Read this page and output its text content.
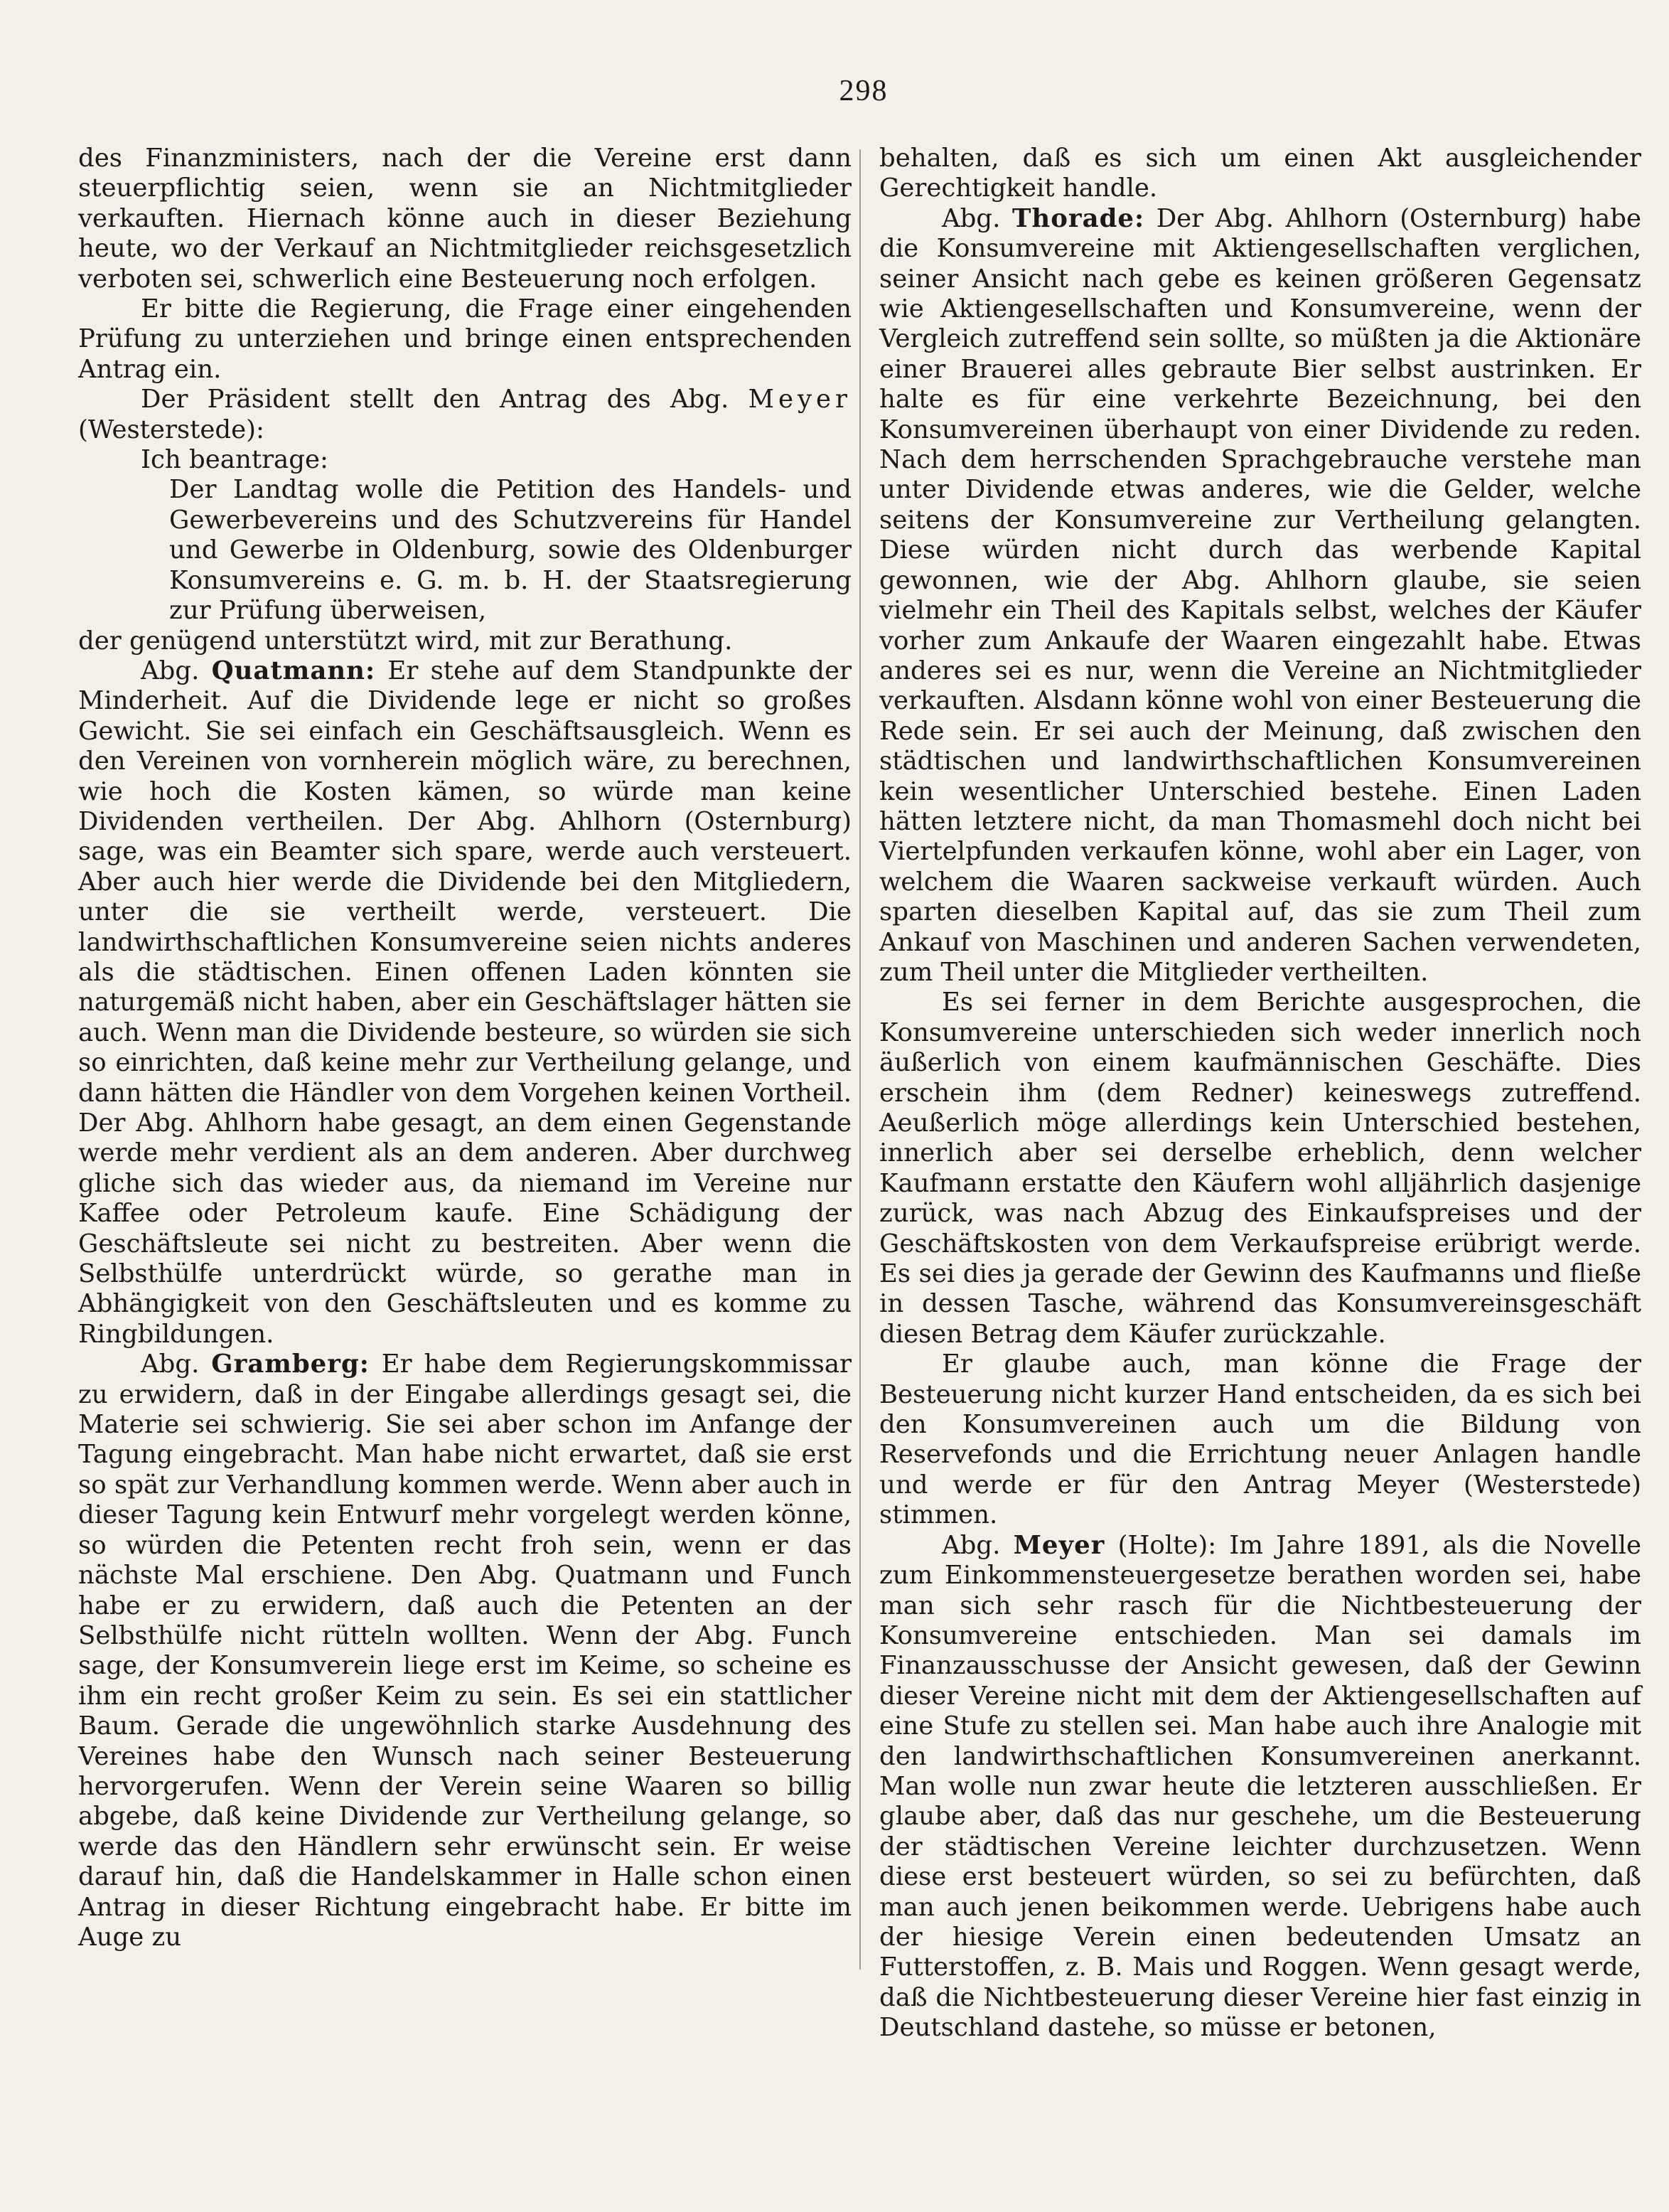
298

des Finanzministers, nach der die Vereine erst dann steuerpflichtig seien, wenn sie an Nichtmitglieder verkauften. Hiernach könne auch in dieser Beziehung heute, wo der Verkauf an Nichtmitglieder reichsgesetzlich verboten sei, schwerlich eine Besteuerung noch erfolgen.

Er bitte die Regierung, die Frage einer eingehenden Prüfung zu unterziehen und bringe einen entsprechenden Antrag ein.

Der Präsident stellt den Antrag des Abg. Meyer (Westerstede):

Ich beantrage:

Der Landtag wolle die Petition des Handels- und Gewerbevereins und des Schutzvereins für Handel und Gewerbe in Oldenburg, sowie des Oldenburger Konsumvereins e. G. m. b. H. der Staatsregierung zur Prüfung überweisen,

der genügend unterstützt wird, mit zur Berathung.

Abg. Quatmann: Er stehe auf dem Standpunkte der Minderheit. Auf die Dividende lege er nicht so großes Gewicht. Sie sei einfach ein Geschäftsausgleich. Wenn es den Vereinen von vornherein möglich wäre, zu berechnen, wie hoch die Kosten kämen, so würde man keine Dividenden vertheilen. Der Abg. Ahlhorn (Osternburg) sage, was ein Beamter sich spare, werde auch versteuert. Aber auch hier werde die Dividende bei den Mitgliedern, unter die sie vertheilt werde, versteuert. Die landwirthschaftlichen Konsumvereine seien nichts anderes als die städtischen. Einen offenen Laden könnten sie naturgemäß nicht haben, aber ein Geschäftslager hätten sie auch. Wenn man die Dividende besteure, so würden sie sich so einrichten, daß keine mehr zur Vertheilung gelange, und dann hätten die Händler von dem Vorgehen keinen Vortheil. Der Abg. Ahlhorn habe gesagt, an dem einen Gegenstande werde mehr verdient als an dem anderen. Aber durchweg gliche sich das wieder aus, da niemand im Vereine nur Kaffee oder Petroleum kaufe. Eine Schädigung der Geschäftsleute sei nicht zu bestreiten. Aber wenn die Selbsthülfe unterdrückt würde, so gerathe man in Abhängigkeit von den Geschäftsleuten und es komme zu Ringbildungen.

Abg. Gramberg: Er habe dem Regierungskommissar zu erwidern, daß in der Eingabe allerdings gesagt sei, die Materie sei schwierig. Sie sei aber schon im Anfange der Tagung eingebracht. Man habe nicht erwartet, daß sie erst so spät zur Verhandlung kommen werde. Wenn aber auch in dieser Tagung kein Entwurf mehr vorgelegt werden könne, so würden die Petenten recht froh sein, wenn er das nächste Mal erschiene. Den Abg. Quatmann und Funch habe er zu erwidern, daß auch die Petenten an der Selbsthülfe nicht rütteln wollten. Wenn der Abg. Funch sage, der Konsumverein liege erst im Keime, so scheine es ihm ein recht großer Keim zu sein. Es sei ein stattlicher Baum. Gerade die ungewöhnlich starke Ausdehnung des Vereines habe den Wunsch nach seiner Besteuerung hervorgerufen. Wenn der Verein seine Waaren so billig abgebe, daß keine Dividende zur Vertheilung gelange, so werde das den Händlern sehr erwünscht sein. Er weise darauf hin, daß die Handelskammer in Halle schon einen Antrag in dieser Richtung eingebracht habe. Er bitte im Auge zu

behalten, daß es sich um einen Akt ausgleichender Gerechtigkeit handle.

Abg. Thorade: Der Abg. Ahlhorn (Osternburg) habe die Konsumvereine mit Aktiengesellschaften verglichen, seiner Ansicht nach gebe es keinen größeren Gegensatz wie Aktiengesellschaften und Konsumvereine, wenn der Vergleich zutreffend sein sollte, so müßten ja die Aktionäre einer Brauerei alles gebraute Bier selbst austrinken. Er halte es für eine verkehrte Bezeichnung, bei den Konsumvereinen überhaupt von einer Dividende zu reden. Nach dem herrschenden Sprachgebrauche verstehe man unter Dividende etwas anderes, wie die Gelder, welche seitens der Konsumvereine zur Vertheilung gelangten. Diese würden nicht durch das werbende Kapital gewonnen, wie der Abg. Ahlhorn glaube, sie seien vielmehr ein Theil des Kapitals selbst, welches der Käufer vorher zum Ankaufe der Waaren eingezahlt habe. Etwas anderes sei es nur, wenn die Vereine an Nichtmitglieder verkauften. Alsdann könne wohl von einer Besteuerung die Rede sein. Er sei auch der Meinung, daß zwischen den städtischen und landwirthschaftlichen Konsumvereinen kein wesentlicher Unterschied bestehe. Einen Laden hätten letztere nicht, da man Thomasmehl doch nicht bei Viertelpfunden verkaufen könne, wohl aber ein Lager, von welchem die Waaren sackweise verkauft würden. Auch sparten dieselben Kapital auf, das sie zum Theil zum Ankauf von Maschinen und anderen Sachen verwendeten, zum Theil unter die Mitglieder vertheilten.

Es sei ferner in dem Berichte ausgesprochen, die Konsumvereine unterschieden sich weder innerlich noch äußerlich von einem kaufmännischen Geschäfte. Dies erschein ihm (dem Redner) keineswegs zutreffend. Aeußerlich möge allerdings kein Unterschied bestehen, innerlich aber sei derselbe erheblich, denn welcher Kaufmann erstatte den Käufern wohl alljährlich dasjenige zurück, was nach Abzug des Einkaufspreises und der Geschäftskosten von dem Verkaufspreise erübrigt werde. Es sei dies ja gerade der Gewinn des Kaufmanns und fließe in dessen Tasche, während das Konsumvereinsgeschäft diesen Betrag dem Käufer zurückzahle.

Er glaube auch, man könne die Frage der Besteuerung nicht kurzer Hand entscheiden, da es sich bei den Konsumvereinen auch um die Bildung von Reservefonds und die Errichtung neuer Anlagen handle und werde er für den Antrag Meyer (Westerstede) stimmen.

Abg. Meyer (Holte): Im Jahre 1891, als die Novelle zum Einkommensteuergesetze berathen worden sei, habe man sich sehr rasch für die Nichtbesteuerung der Konsumvereine entschieden. Man sei damals im Finanzausschusse der Ansicht gewesen, daß der Gewinn dieser Vereine nicht mit dem der Aktiengesellschaften auf eine Stufe zu stellen sei. Man habe auch ihre Analogie mit den landwirthschaftlichen Konsumvereinen anerkannt. Man wolle nun zwar heute die letzteren ausschließen. Er glaube aber, daß das nur geschehe, um die Besteuerung der städtischen Vereine leichter durchzusetzen. Wenn diese erst besteuert würden, so sei zu befürchten, daß man auch jenen beikommen werde. Uebrigens habe auch der hiesige Verein einen bedeutenden Umsatz an Futterstoffen, z. B. Mais und Roggen. Wenn gesagt werde, daß die Nichtbesteuerung dieser Vereine hier fast einzig in Deutschland dastehe, so müsse er betonen,
